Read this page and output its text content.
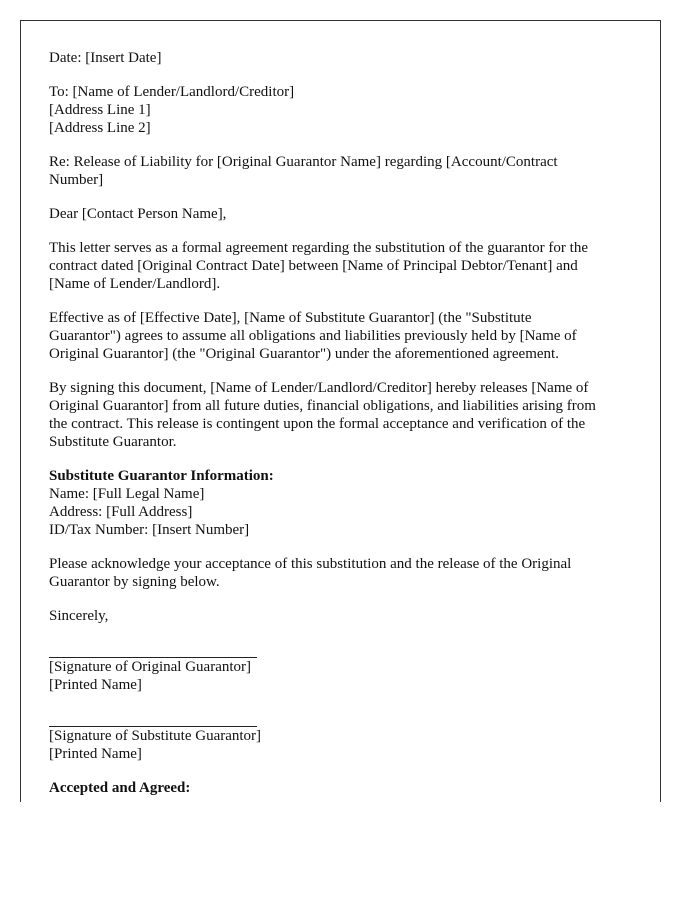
Date: [Insert Date]
To: [Name of Lender/Landlord/Creditor]
[Address Line 1]
[Address Line 2]
Re: Release of Liability for [Original Guarantor Name] regarding [Account/Contract
Number]
Dear [Contact Person Name],
This letter serves as a formal agreement regarding the substitution of the guarantor for the
contract dated [Original Contract Date] between [Name of Principal Debtor/Tenant] and
[Name of Lender/Landlord].
Effective as of [Effective Date], [Name of Substitute Guarantor] (the "Substitute
Guarantor") agrees to assume all obligations and liabilities previously held by [Name of
Original Guarantor] (the "Original Guarantor") under the aforementioned agreement.
By signing this document, [Name of Lender/Landlord/Creditor] hereby releases [Name of
Original Guarantor] from all future duties, financial obligations, and liabilities arising from
the contract. This release is contingent upon the formal acceptance and verification of the
Substitute Guarantor.
Substitute Guarantor Information:
Name: [Full Legal Name]
Address: [Full Address]
ID/Tax Number: [Insert Number]
Please acknowledge your acceptance of this substitution and the release of the Original
Guarantor by signing below.
Sincerely,
[Signature of Original Guarantor]
[Printed Name]
[Signature of Substitute Guarantor]
[Printed Name]
Accepted and Agreed:
